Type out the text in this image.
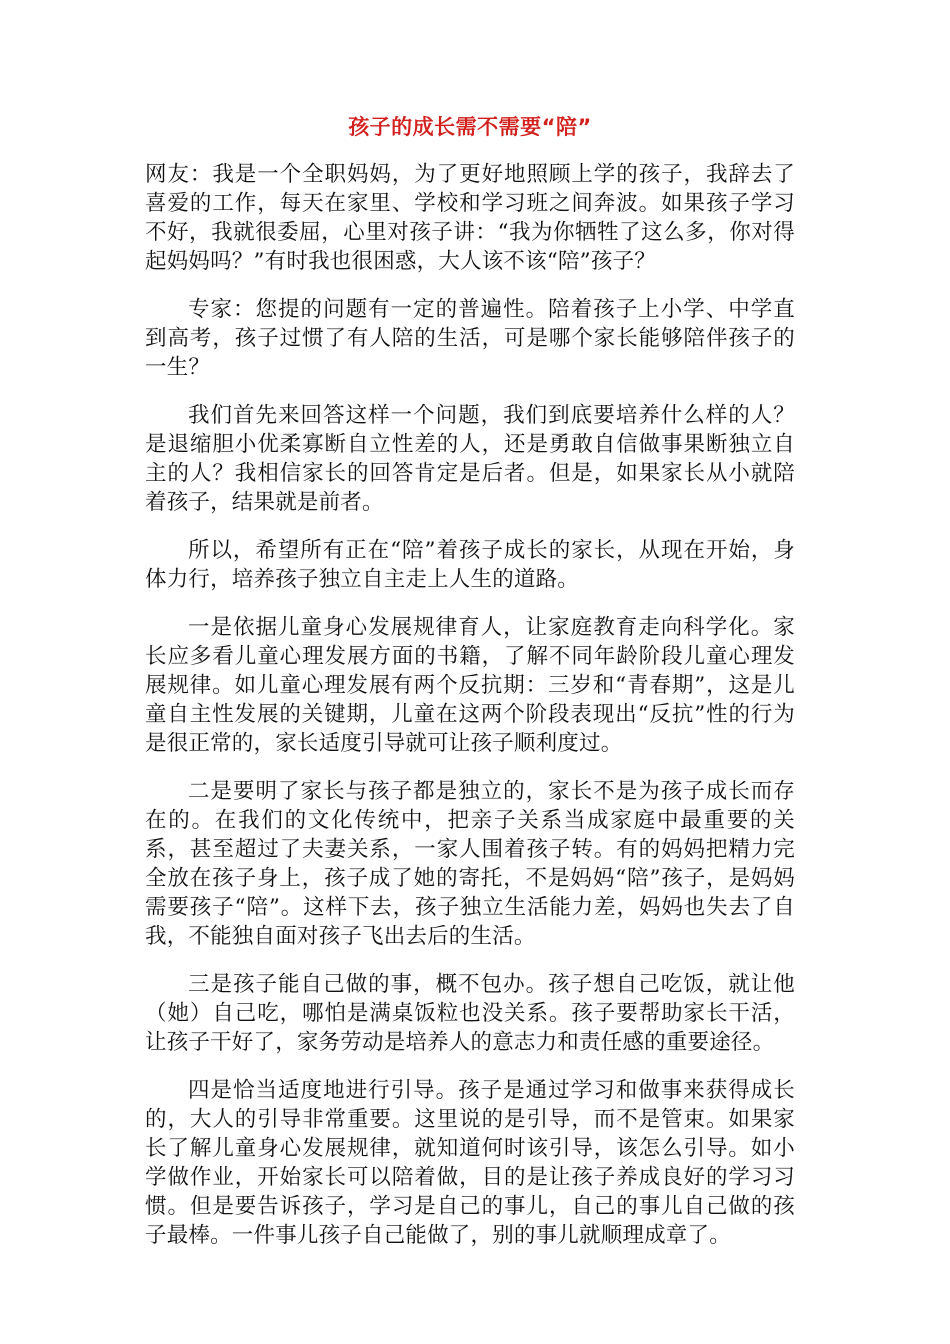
孩子的成长需不需要“陪”

网友：我是一个全职妈妈，为了更好地照顾上学的孩子，我辞去了喜爱的工作，每天在家里、学校和学习班之间奔波。如果孩子学习不好，我就很委屈，心里对孩子讲：“我为你牺牲了这么多，你对得起妈妈吗？”有时我也很困惑，大人该不该“陪”孩子？

专家：您提的问题有一定的普遍性。陪着孩子上小学、中学直到高考，孩子过惯了有人陪的生活，可是哪个家长能够陪伴孩子的一生？

我们首先来回答这样一个问题，我们到底要培养什么样的人？是退缩胆小优柔寡断自立性差的人，还是勇敢自信做事果断独立自主的人？我相信家长的回答肯定是后者。但是，如果家长从小就陪着孩子，结果就是前者。

所以，希望所有正在“陪”着孩子成长的家长，从现在开始，身体力行，培养孩子独立自主走上人生的道路。

一是依据儿童身心发展规律育人，让家庭教育走向科学化。家长应多看儿童心理发展方面的书籍，了解不同年龄阶段儿童心理发展规律。如儿童心理发展有两个反抗期：三岁和“青春期”，这是儿童自主性发展的关键期，儿童在这两个阶段表现出“反抗”性的行为是很正常的，家长适度引导就可让孩子顺利度过。

二是要明了家长与孩子都是独立的，家长不是为孩子成长而存在的。在我们的文化传统中，把亲子关系当成家庭中最重要的关系，甚至超过了夫妻关系，一家人围着孩子转。有的妈妈把精力完全放在孩子身上，孩子成了她的寄托，不是妈妈“陪”孩子，是妈妈需要孩子“陪”。这样下去，孩子独立生活能力差，妈妈也失去了自我，不能独自面对孩子飞出去后的生活。

三是孩子能自己做的事，概不包办。孩子想自己吃饭，就让他（她）自己吃，哪怕是满桌饭粒也没关系。孩子要帮助家长干活，让孩子干好了，家务劳动是培养人的意志力和责任感的重要途径。

四是恰当适度地进行引导。孩子是通过学习和做事来获得成长的，大人的引导非常重要。这里说的是引导，而不是管束。如果家长了解儿童身心发展规律，就知道何时该引导，该怎么引导。如小学做作业，开始家长可以陪着做，目的是让孩子养成良好的学习习惯。但是要告诉孩子，学习是自己的事儿，自己的事儿自己做的孩子最棒。一件事儿孩子自己能做了，别的事儿就顺理成章了。
